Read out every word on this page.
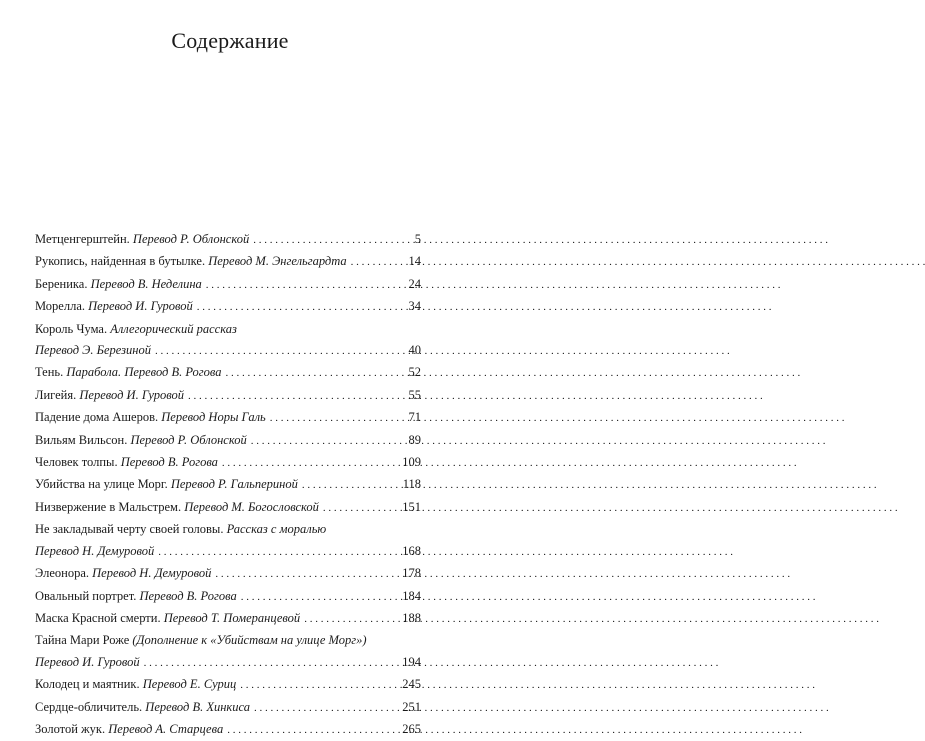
Содержание
Метценгерштейн. Перевод Р. Облонской . . .	5
Рукопись, найденная в бутылке. Перевод М. Энгельгардта . . .	14
Береника. Перевод В. Неделина . . .	24
Морелла. Перевод И. Гуровой . . .	34
Король Чума. Аллегорический рассказ
Перевод Э. Березиной . . .	40
Тень. Парабола. Перевод В. Рогова . . .	52
Лигейя. Перевод И. Гуровой . . .	55
Падение дома Ашеров. Перевод Норы Галь . . .	71
Вильям Вильсон. Перевод Р. Облонской . . .	89
Человек толпы. Перевод В. Рогова . . .	109
Убийства на улице Морг. Перевод Р. Гальпериной . . .	118
Низвержение в Мальстрем. Перевод М. Богословской . . .	151
Не закладывай черту своей головы. Рассказ с моралью
Перевод Н. Демуровой . . .	168
Элеонора. Перевод Н. Демуровой . . .	178
Овальный портрет. Перевод В. Рогова . . .	184
Маска Красной смерти. Перевод Т. Померанцевой . . .	188
Тайна Мари Роже (Дополнение к «Убийствам на улице Морг»)
Перевод И. Гуровой . . .	194
Колодец и маятник. Перевод Е. Суриц . . .	245
Сердце-обличитель. Перевод В. Хинкиса . . .	251
Золотой жук. Перевод А. Старцева . . .	265
